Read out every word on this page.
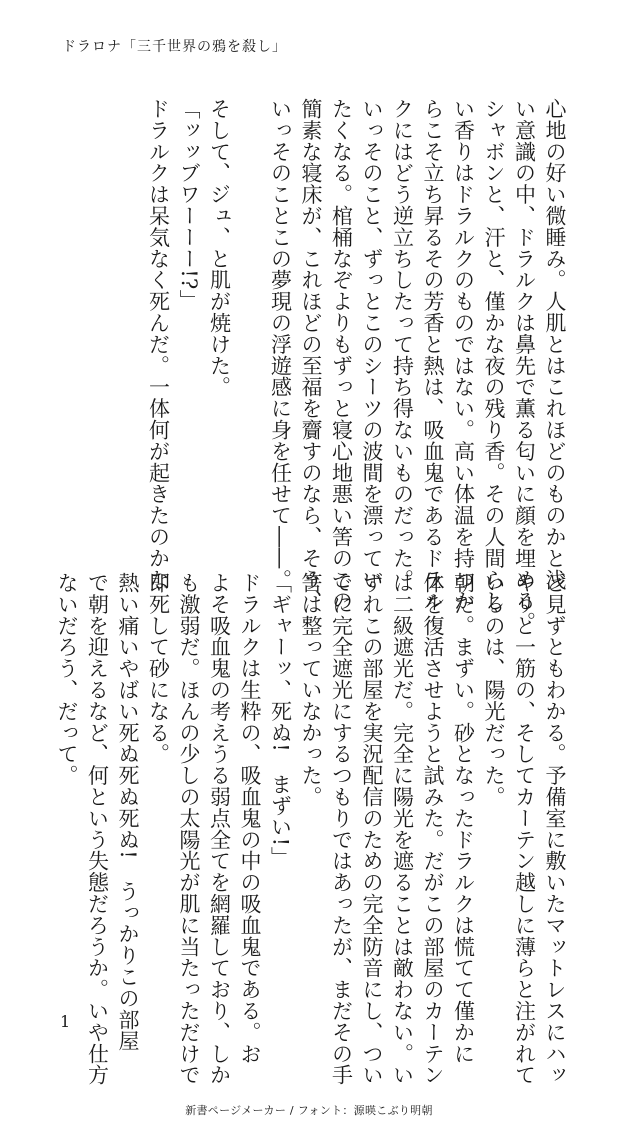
ドラロナ「三千世界の鴉を殺し」
心地の好い微睡み。人肌とはこれほどのものかと浅
い意識の中、ドラルクは鼻先で薫る匂いに顔を埋める。
シャボンと、汗と、僅かな夜の残り香。その人間らし
い香りはドラルクのものではない。高い体温を持つか
らこそ立ち昇るその芳香と熱は、吸血鬼であるドラル
クにはどう逆立ちしたって持ち得ないものだった。
いっそのこと、ずっとこのシーツの波間を漂ってい
たくなる。棺桶なぞよりもずっと寝心地悪い筈のこの
簡素な寝床が、これほどの至福を齎すのなら、そう、
いっそのことこの夢現の浮遊感に身を任せて――。
そして、ジュ、と肌が焼けた。
「ッッブワーーー!?」
ドラルクは呆気なく死んだ。一体何が起きたのかな
ど見ずともわかる。予備室に敷いたマットレスにハッ
キリと一筋の、そしてカーテン越しに薄らと注がれて
いるのは、陽光だった。
朝だ。まずい。砂となったドラルクは慌てて僅かに
体を復活させようと試みた。だがこの部屋のカーテン
は二級遮光だ。完全に陽光を遮ることは敵わない。い
ずれこの部屋を実況配信のための完全防音にし、つい
でに完全遮光にするつもりではあったが、まだその手
筈は整っていなかった。
「ギャーッ、死ぬ!　まずい!」
ドラルクは生粋の、吸血鬼の中の吸血鬼である。お
よそ吸血鬼の考えうる弱点全てを網羅しており、しか
も激弱だ。ほんの少しの太陽光が肌に当たっただけで
即死して砂になる。
熱い痛いやばい死ぬ死ぬ死ぬ!　うっかりこの部屋
で朝を迎えるなど、何という失態だろうか。いや仕方
ないだろう、だって。
1
新書ページメーカー / フォント：源暎こぶり明朝
